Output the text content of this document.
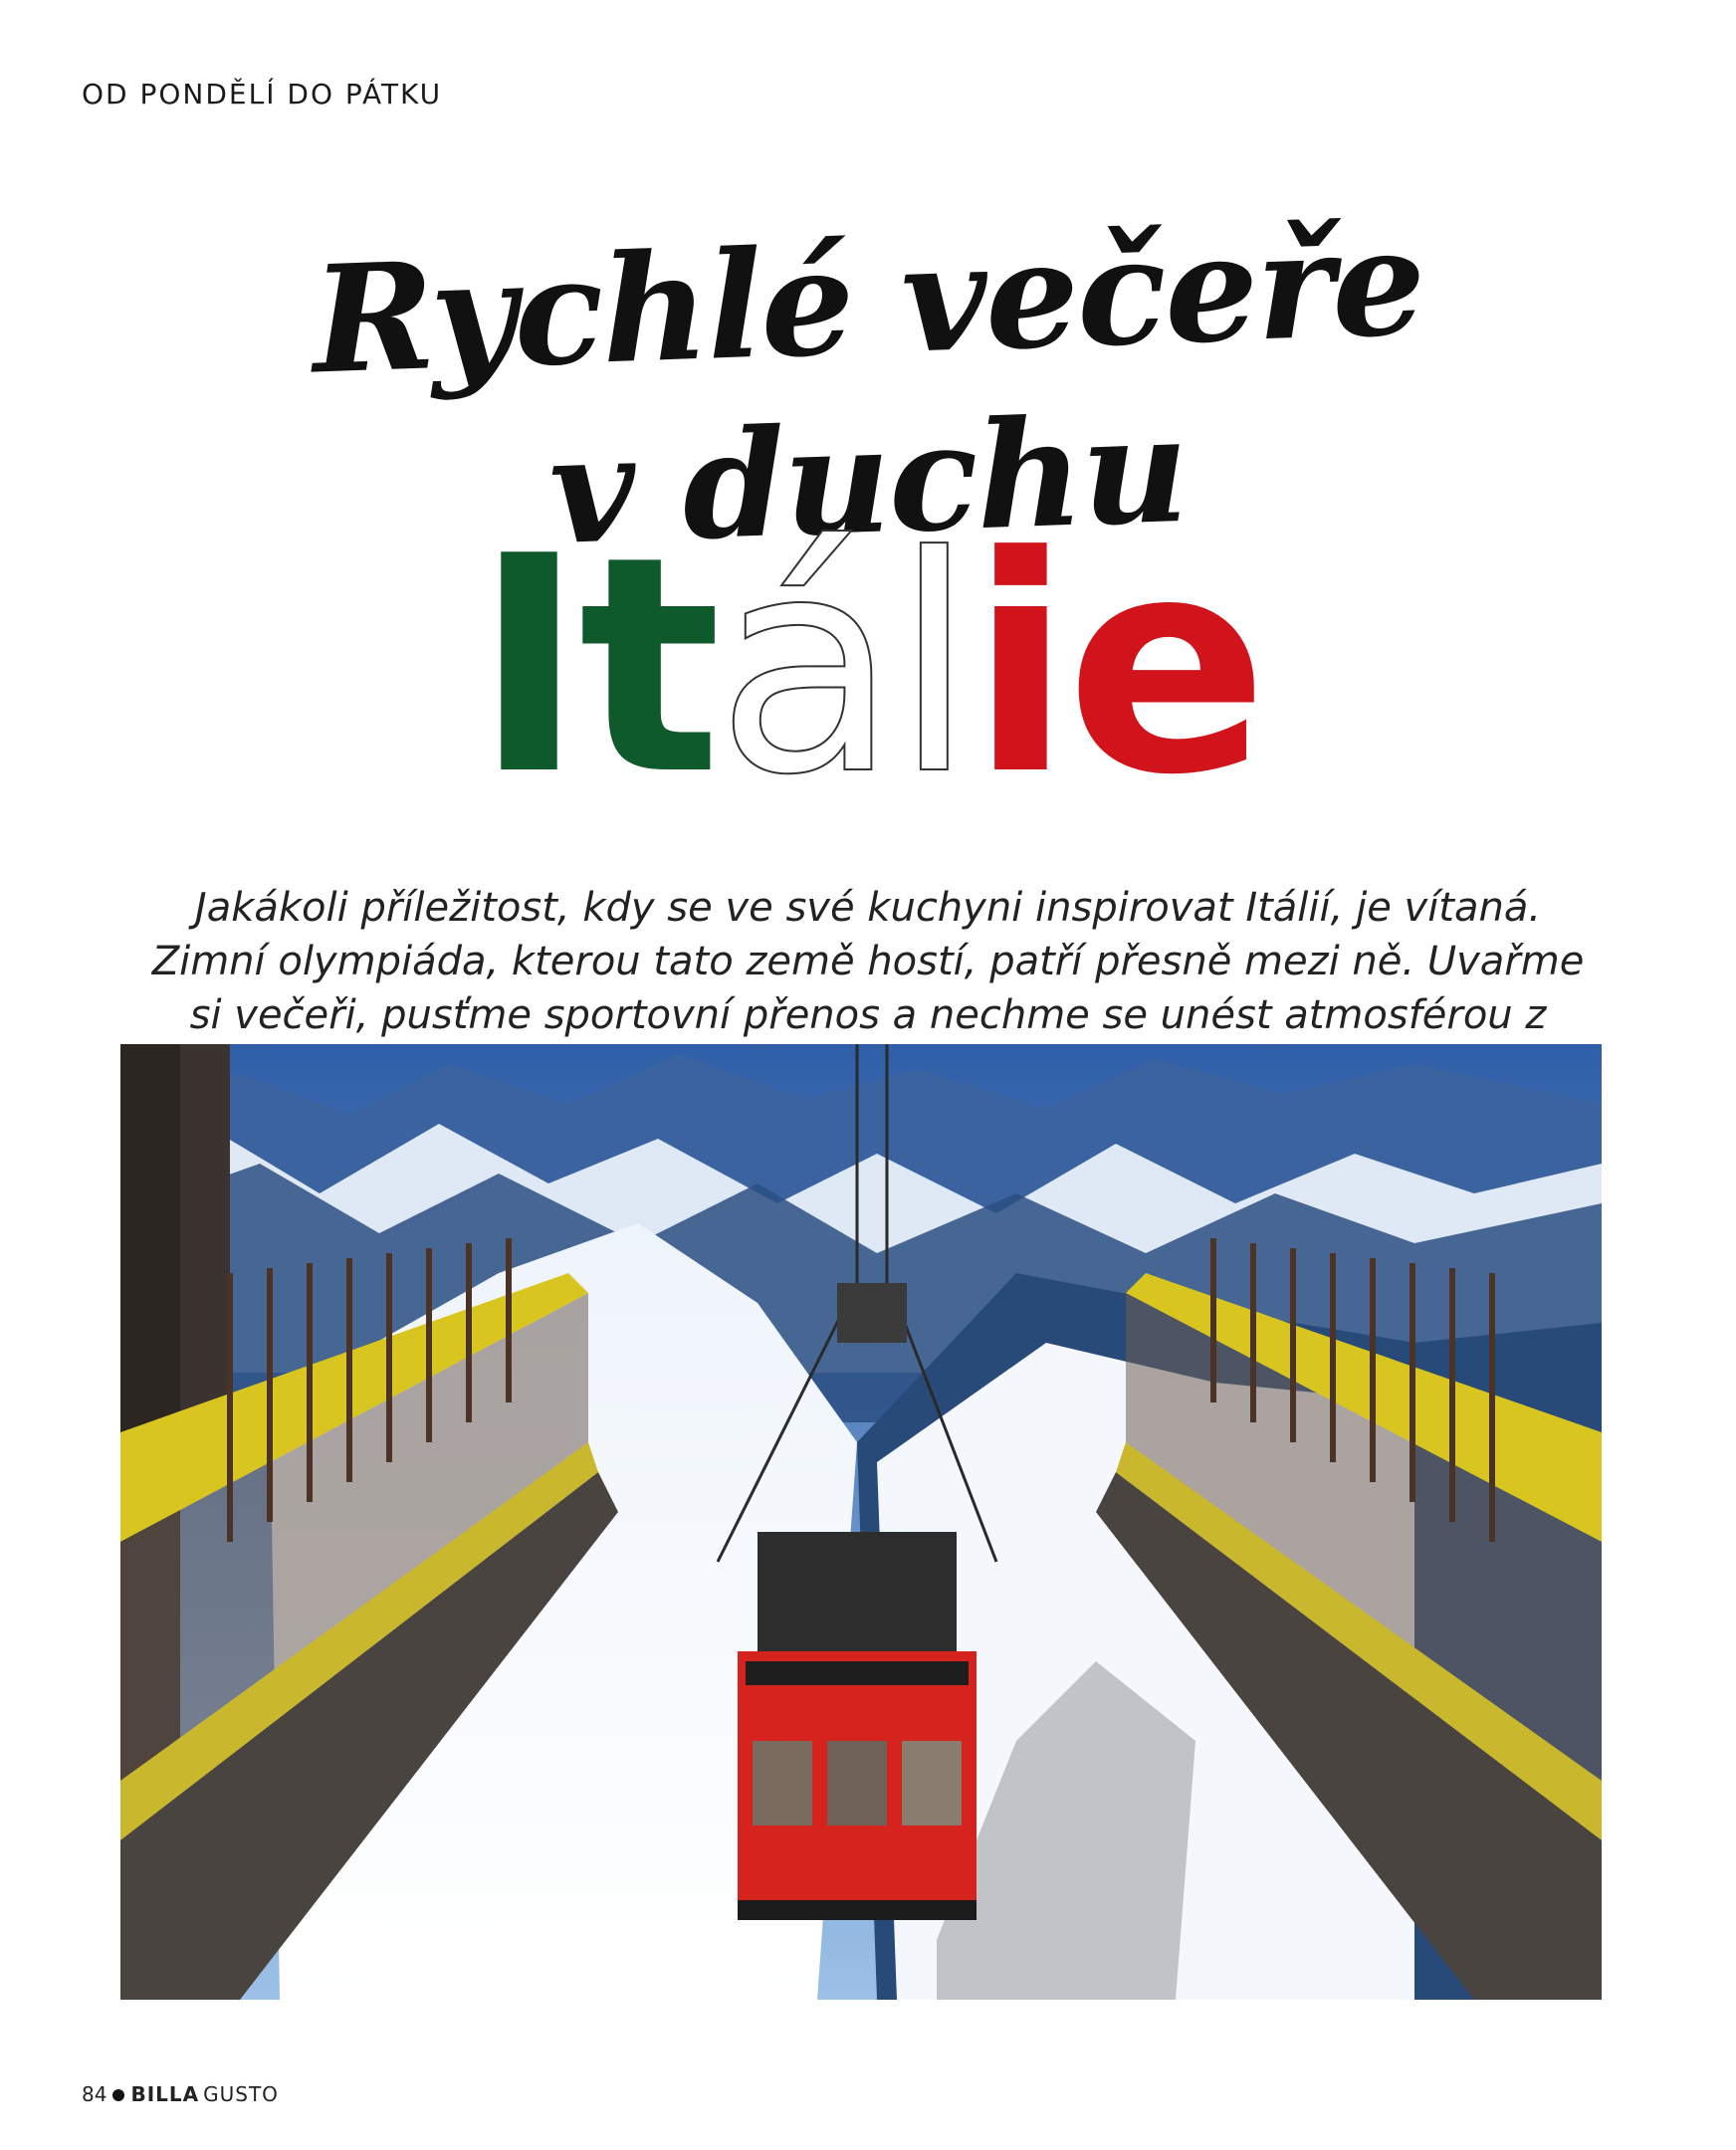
OD PONDĚLÍ DO PÁTKU
Rychlé večeře
v duchu
Itálie

Jakákoli příležitost, kdy se ve své kuchyni inspirovat Itálií, je vítaná. Zimní olympiáda, kterou tato země hostí, patří přesně mezi ně. Uvařme si večeři, pusťme sportovní přenos a nechme se unést atmosférou z

84 BILLA GUSTO
